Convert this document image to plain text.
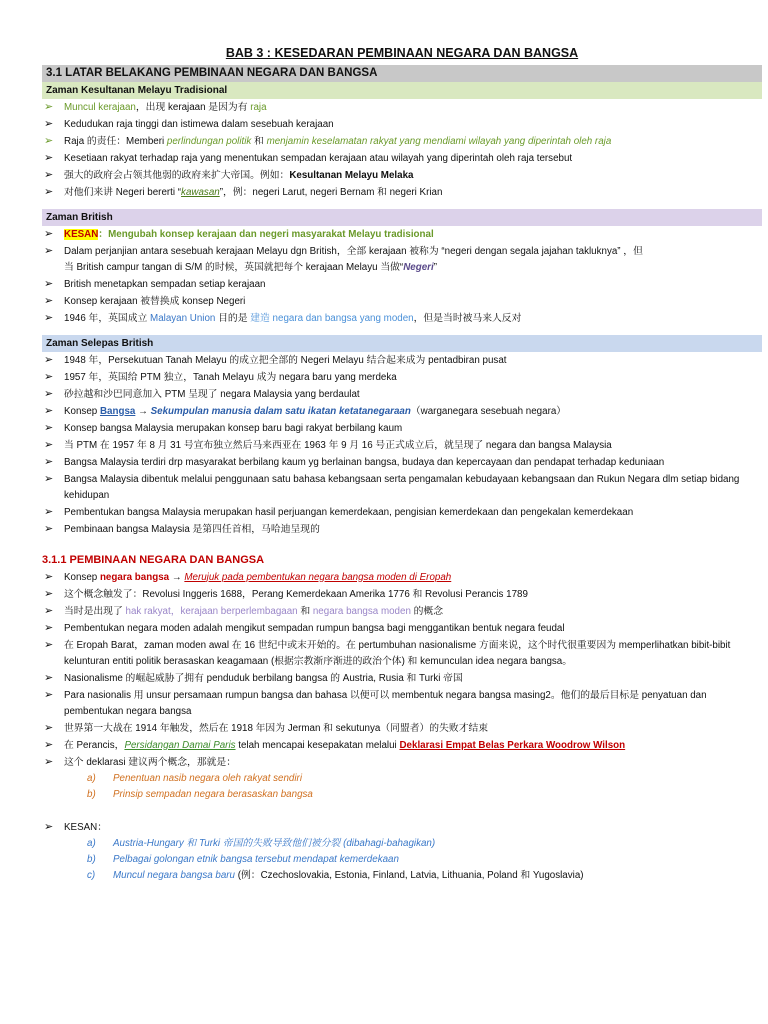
BAB 3 : KESEDARAN PEMBINAAN NEGARA DAN BANGSA
3.1 LATAR BELAKANG PEMBINAAN NEGARA DAN BANGSA
Zaman Kesultanan Melayu Tradisional
➢ Muncul kerajaan，出现 kerajaan 是因为有 raja
➢ Kedudukan raja tinggi dan istimewa dalam sesebuah kerajaan
➢ Raja 的责任：Memberi perlindungan politik 和 menjamin keselamatan rakyat yang mendiami wilayah yang diperintah oleh raja
➢ Kesetiaan rakyat terhadap raja yang menentukan sempadan kerajaan atau wilayah yang diperintah oleh raja tersebut
➢ 强大的政府会占领其他弱的政府来扩大帝国。例如：Kesultanan Melayu Melaka
➢ 对他们来讲 Negeri bererti “kawasan”，例：negeri Larut, negeri Bernam 和 negeri Krian
Zaman British
➢ KESAN：Mengubah konsep kerajaan dan negeri masyarakat Melayu tradisional
➢ Dalam perjanjian antara sesebuah kerajaan Melayu dgn British，全部 kerajaan 被称为 “negeri dengan segala jajahan takluknya” ，但
当 British campur tangan di S/M 的时候，英国就把每个 kerajaan Melayu 当做“Negeri”
➢ British menetapkan sempadan setiap kerajaan
➢ Konsep kerajaan 被替换成 konsep Negeri
➢ 1946 年，英国成立 Malayan Union 目的是 建造 negara dan bangsa yang moden，但是当时被马来人反对
Zaman Selepas British
➢ 1948 年，Persekutuan Tanah Melayu 的成立把全部的 Negeri Melayu 结合起来成为 pentadbiran pusat
➢ 1957 年，英国给 PTM 独立，Tanah Melayu 成为 negara baru yang merdeka
➢ 砂拉越和沙巴同意加入 PTM 呈现了 negara Malaysia yang berdaulat
➢ Konsep Bangsa → Sekumpulan manusia dalam satu ikatan ketatanegaraan（warganegara sesebuah negara）
➢ Konsep bangsa Malaysia merupakan konsep baru bagi rakyat berbilang kaum
➢ 当 PTM 在 1957 年 8 月 31 号宣布独立然后马来西亚在 1963 年 9 月 16 号正式成立后，就呈现了 negara dan bangsa Malaysia
➢ Bangsa Malaysia terdiri drp masyarakat berbilang kaum yg berlainan bangsa, budaya dan kepercayaan dan pendapat terhadap keduniaan
➢ Bangsa Malaysia dibentuk melalui penggunaan satu bahasa kebangsaan serta pengamalan kebudayaan kebangsaan dan Rukun Negara dlm setiap bidang kehidupan
➢ Pembentukan bangsa Malaysia merupakan hasil perjuangan kemerdekaan, pengisian kemerdekaan dan pengekalan kemerdekaan
➢ Pembinaan bangsa Malaysia 是第四任首相，马哈迪呈现的
3.1.1 PEMBINAAN NEGARA DAN BANGSA
➢ Konsep negara bangsa → Merujuk pada pembentukan negara bangsa moden di Eropah
➢ 这个概念触发了：Revolusi Inggeris 1688，Perang Kemerdekaan Amerika 1776 和 Revolusi Perancis 1789
➢ 当时是出现了 hak rakyat，kerajaan berperlembagaan 和 negara bangsa moden 的概念
➢ Pembentukan negara moden adalah mengikut sempadan rumpun bangsa bagi menggantikan bentuk negara feudal
➢ 在 Eropah Barat，zaman moden awal 在 16 世纪中或末开始的。在 pertumbuhan nasionalisme 方面来说，这个时代很重要因为 memperlihatkan bibit-bibit kelunturan entiti politik berasaskan keagamaan (根据宗教渐序渐进的政治个体) 和 kemunculan idea negara bangsa。
➢ Nasionalisme 的崛起威胁了拥有 penduduk berbilang bangsa 的 Austria, Rusia 和 Turki 帝国
➢ Para nasionalis 用 unsur persamaan rumpun bangsa dan bahasa 以便可以 membentuk negara bangsa masing2。他们的最后目标是 penyatuan dan pembentukan negara bangsa
➢ 世界第一大战在 1914 年触发，然后在 1918 年因为 Jerman 和 sekutunya（同盟者）的失败才结束
➢ 在 Perancis，Persidangan Damai Paris telah mencapai kesepakatan melalui Deklarasi Empat Belas Perkara Woodrow Wilson
➢ 这个 deklarasi 建议两个概念，那就是：
a) Penentuan nasib negara oleh rakyat sendiri
b) Prinsip sempadan negara berasaskan bangsa
➢ KESAN：
a) Austria-Hungary 和 Turki 帝国的失败导致他们被分裂 (dibahagi-bahagikan)
b) Pelbagai golongan etnik bangsa tersebut mendapat kemerdekaan
c) Muncul negara bangsa baru (例：Czechoslovakia, Estonia, Finland, Latvia, Lithuania, Poland 和 Yugoslavia)
